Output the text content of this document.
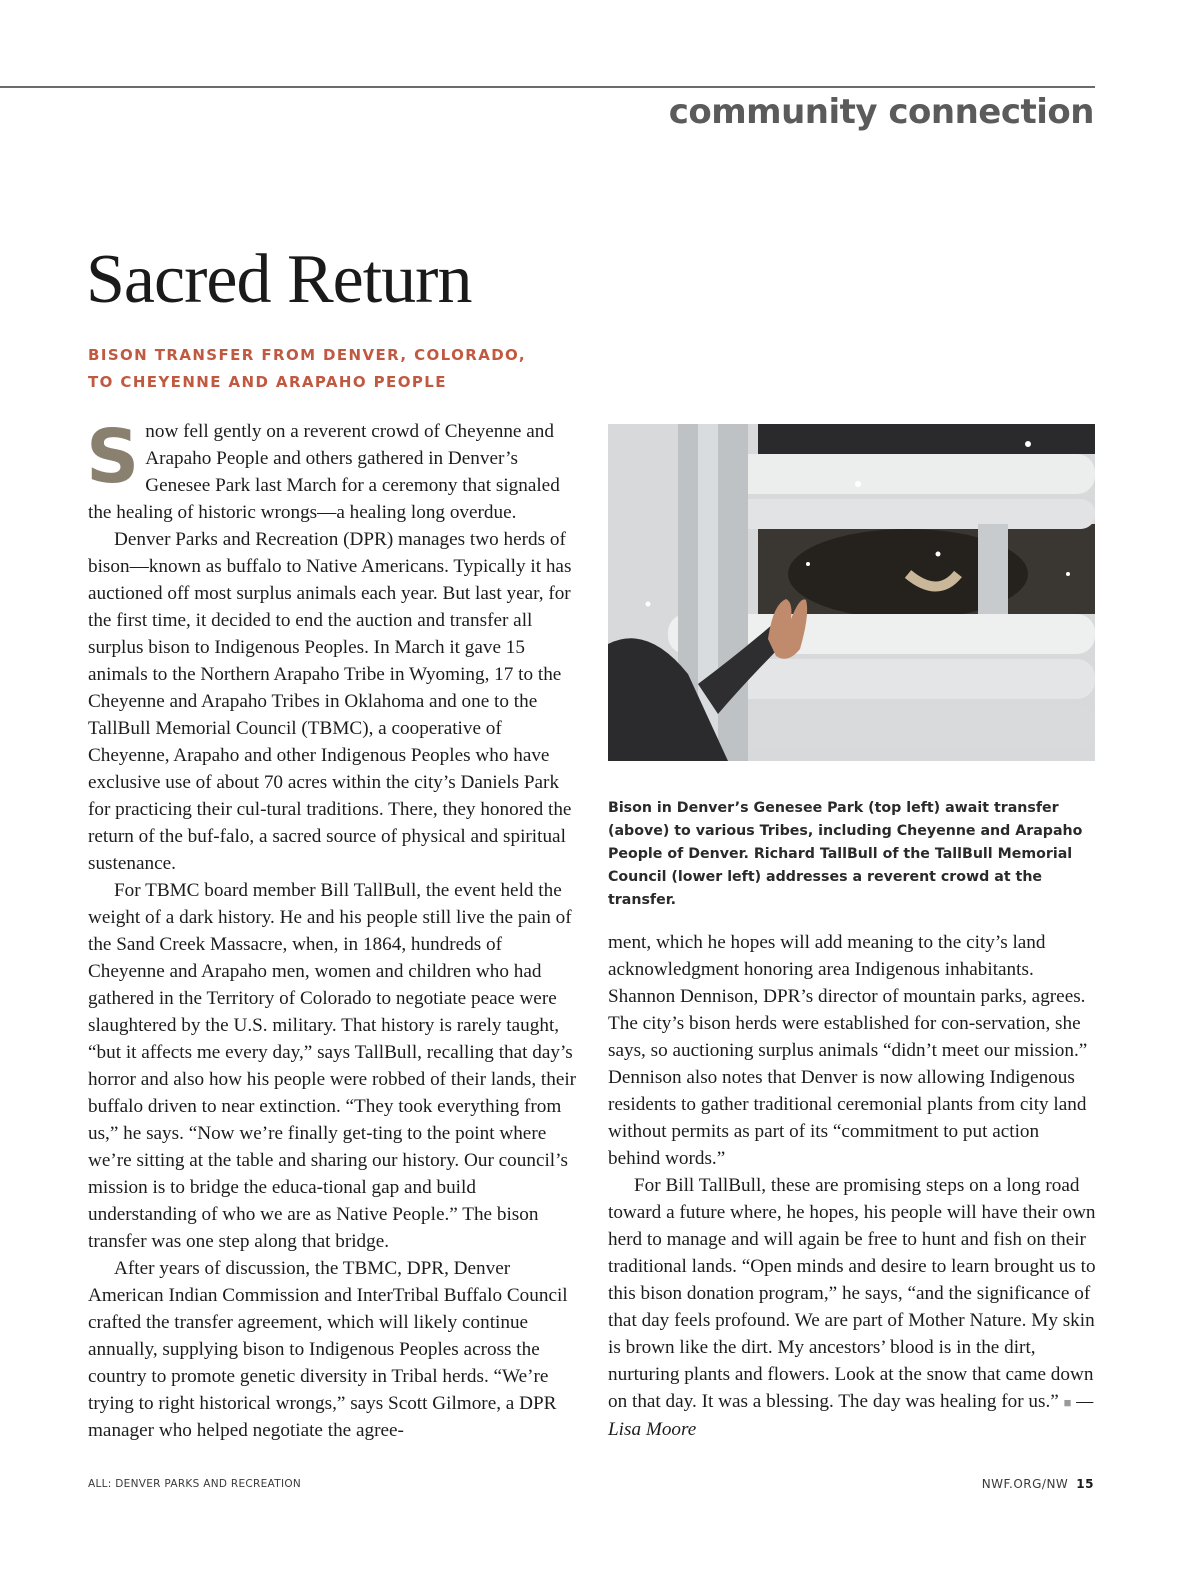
community connection
Sacred Return
BISON TRANSFER FROM DENVER, COLORADO,
TO CHEYENNE AND ARAPAHO PEOPLE

Snow fell gently on a reverent crowd of Cheyenne and Arapaho People and others gathered in Denver’s Genesee Park last March for a ceremony that signaled the healing of historic wrongs—a healing long overdue.

Denver Parks and Recreation (DPR) manages two herds of bison—known as buffalo to Native Americans. Typically it has auctioned off most surplus animals each year. But last year, for the first time, it decided to end the auction and transfer all surplus bison to Indigenous Peoples. In March it gave 15 animals to the Northern Arapaho Tribe in Wyoming, 17 to the Cheyenne and Arapaho Tribes in Oklahoma and one to the TallBull Memorial Council (TBMC), a cooperative of Cheyenne, Arapaho and other Indigenous Peoples who have exclusive use of about 70 acres within the city’s Daniels Park for practicing their cul-tural traditions. There, they honored the return of the buf-falo, a sacred source of physical and spiritual sustenance.

For TBMC board member Bill TallBull, the event held the weight of a dark history. He and his people still live the pain of the Sand Creek Massacre, when, in 1864, hundreds of Cheyenne and Arapaho men, women and children who had gathered in the Territory of Colorado to negotiate peace were slaughtered by the U.S. military. That history is rarely taught, “but it affects me every day,” says TallBull, recalling that day’s horror and also how his people were robbed of their lands, their buffalo driven to near extinction. “They took everything from us,” he says. “Now we’re finally get-ting to the point where we’re sitting at the table and sharing our history. Our council’s mission is to bridge the educa-tional gap and build understanding of who we are as Native People.” The bison transfer was one step along that bridge.

After years of discussion, the TBMC, DPR, Denver American Indian Commission and InterTribal Buffalo Council crafted the transfer agreement, which will likely continue annually, supplying bison to Indigenous Peoples across the country to promote genetic diversity in Tribal herds. “We’re trying to right historical wrongs,” says Scott Gilmore, a DPR manager who helped negotiate the agree-

Bison in Denver’s Genesee Park (top left) await transfer (above) to various Tribes, including Cheyenne and Arapaho People of Denver. Richard TallBull of the TallBull Memorial Council (lower left) addresses a reverent crowd at the transfer.

ment, which he hopes will add meaning to the city’s land acknowledgment honoring area Indigenous inhabitants. Shannon Dennison, DPR’s director of mountain parks, agrees. The city’s bison herds were established for con-servation, she says, so auctioning surplus animals “didn’t meet our mission.” Dennison also notes that Denver is now allowing Indigenous residents to gather traditional ceremonial plants from city land without permits as part of its “commitment to put action behind words.”

For Bill TallBull, these are promising steps on a long road toward a future where, he hopes, his people will have their own herd to manage and will again be free to hunt and fish on their traditional lands. “Open minds and desire to learn brought us to this bison donation program,” he says, “and the significance of that day feels profound. We are part of Mother Nature. My skin is brown like the dirt. My ancestors’ blood is in the dirt, nurturing plants and flowers. Look at the snow that came down on that day. It was a blessing. The day was healing for us.” ■ —Lisa Moore

ALL: DENVER PARKS AND RECREATION	NWF.ORG/NW 15
